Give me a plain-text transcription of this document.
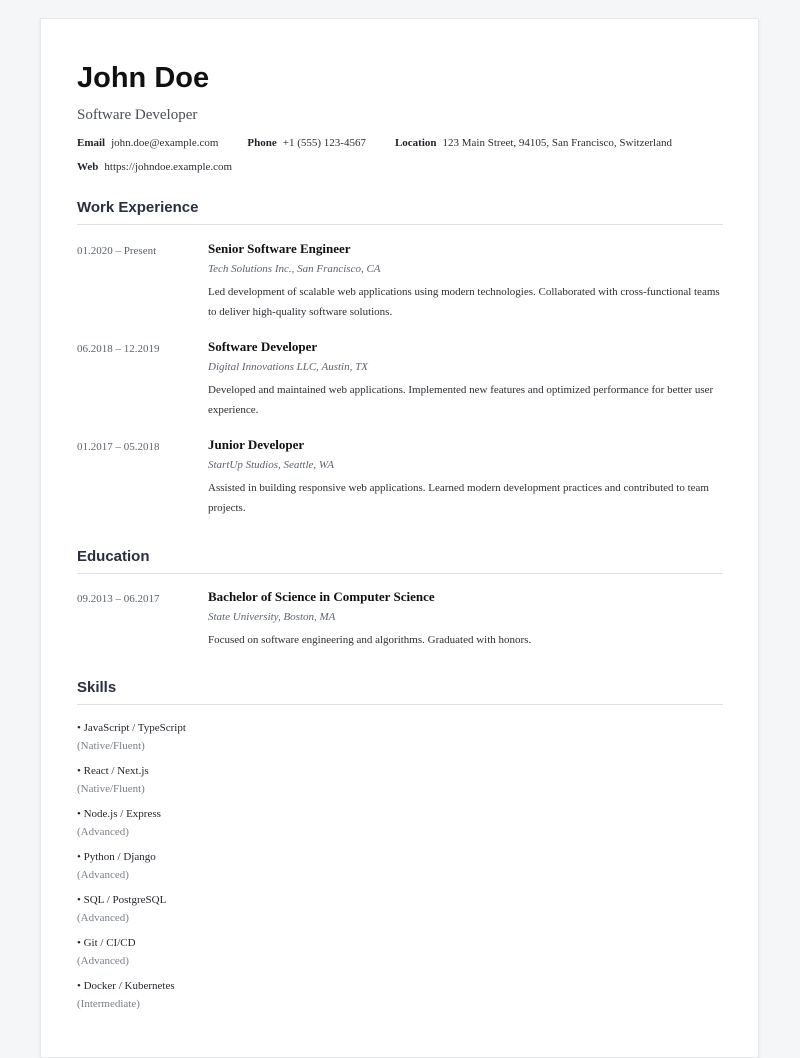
John Doe
Software Developer
Email john.doe@example.com	Phone +1 (555) 123-4567	Location 123 Main Street, 94105, San Francisco, Switzerland
Web https://johndoe.example.com
Work Experience
01.2020 – Present	Senior Software Engineer
Tech Solutions Inc., San Francisco, CA
Led development of scalable web applications using modern technologies. Collaborated with cross-functional teams to deliver high-quality software solutions.
06.2018 – 12.2019	Software Developer
Digital Innovations LLC, Austin, TX
Developed and maintained web applications. Implemented new features and optimized performance for better user experience.
01.2017 – 05.2018	Junior Developer
StartUp Studios, Seattle, WA
Assisted in building responsive web applications. Learned modern development practices and contributed to team projects.
Education
09.2013 – 06.2017	Bachelor of Science in Computer Science
State University, Boston, MA
Focused on software engineering and algorithms. Graduated with honors.
Skills
• JavaScript / TypeScript
(Native/Fluent)
• React / Next.js
(Native/Fluent)
• Node.js / Express
(Advanced)
• Python / Django
(Advanced)
• SQL / PostgreSQL
(Advanced)
• Git / CI/CD
(Advanced)
• Docker / Kubernetes
(Intermediate)
